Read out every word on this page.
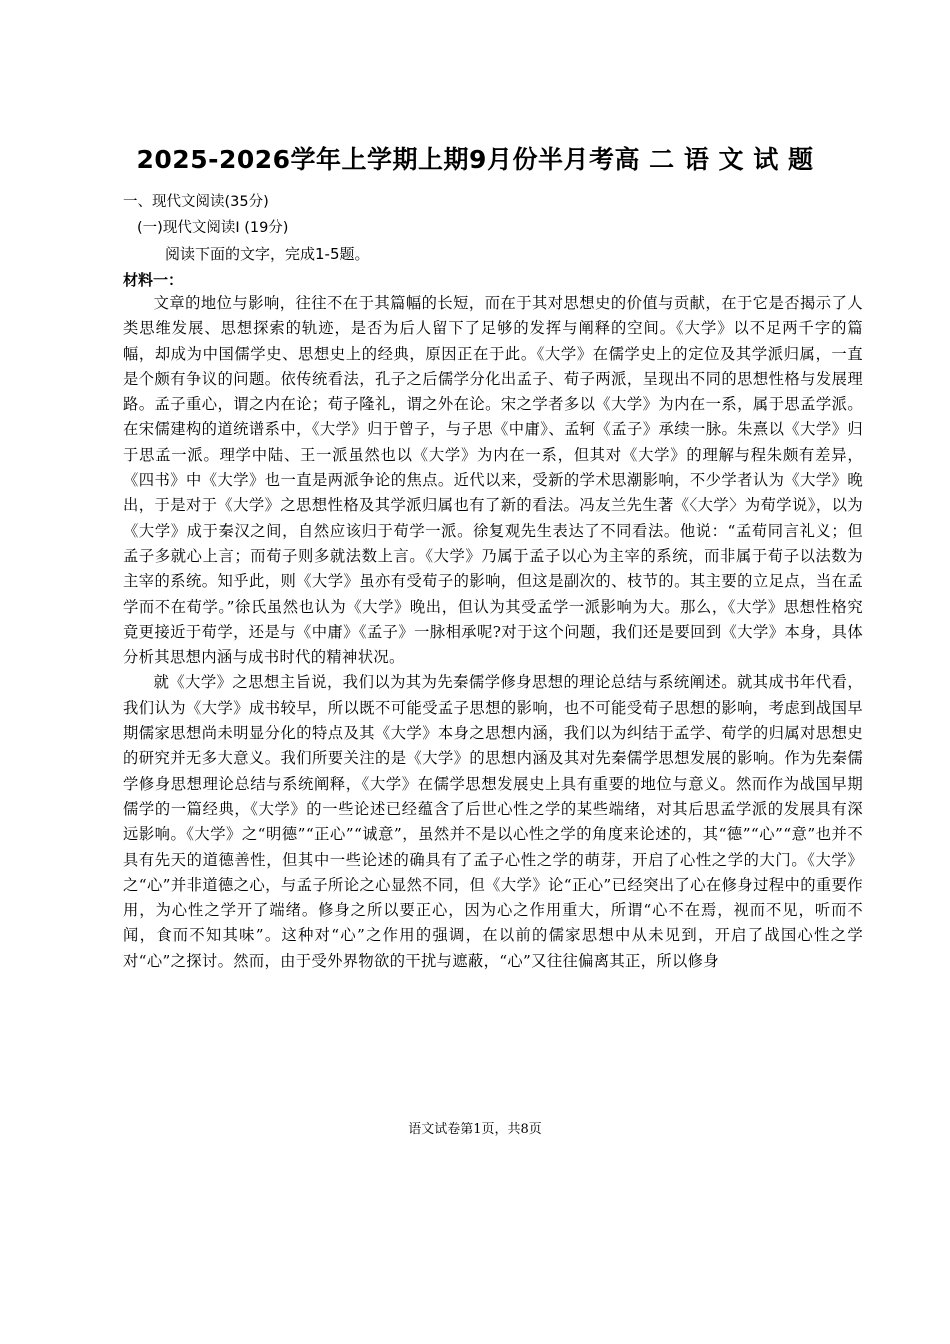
2025-2026学年上学期上期9月份半月考高 二 语 文 试 题
一、现代文阅读(35分)
(一)现代文阅读Ⅰ (19分)
阅读下面的文字，完成1-5题。
材料一：

文章的地位与影响，往往不在于其篇幅的长短，而在于其对思想史的价值与贡献，在于它是否揭示了人类思维发展、思想探索的轨迹，是否为后人留下了足够的发挥与阐释的空间。《大学》以不足两千字的篇幅，却成为中国儒学史、思想史上的经典，原因正在于此。《大学》在儒学史上的定位及其学派归属，一直是个颇有争议的问题。依传统看法，孔子之后儒学分化出孟子、荀子两派，呈现出不同的思想性格与发展理路。孟子重心，谓之内在论；荀子隆礼，谓之外在论。宋之学者多以《大学》为内在一系，属于思孟学派。在宋儒建构的道统谱系中，《大学》归于曾子，与子思《中庸》、孟轲《孟子》承续一脉。朱熹以《大学》归于思孟一派。理学中陆、王一派虽然也以《大学》为内在一系，但其对《大学》的理解与程朱颇有差异，《四书》中《大学》也一直是两派争论的焦点。近代以来，受新的学术思潮影响，不少学者认为《大学》晚出，于是对于《大学》之思想性格及其学派归属也有了新的看法。冯友兰先生著《〈大学〉为荀学说》，以为《大学》成于秦汉之间，自然应该归于荀学一派。徐复观先生表达了不同看法。他说：“孟荀同言礼义；但孟子多就心上言；而荀子则多就法数上言。《大学》乃属于孟子以心为主宰的系统，而非属于荀子以法数为主宰的系统。知乎此，则《大学》虽亦有受荀子的影响，但这是副次的、枝节的。其主要的立足点，当在孟学而不在荀学。”徐氏虽然也认为《大学》晚出，但认为其受孟学一派影响为大。那么，《大学》思想性格究竟更接近于荀学，还是与《中庸》《孟子》一脉相承呢?对于这个问题，我们还是要回到《大学》本身，具体分析其思想内涵与成书时代的精神状况。

就《大学》之思想主旨说，我们以为其为先秦儒学修身思想的理论总结与系统阐述。就其成书年代看，我们认为《大学》成书较早，所以既不可能受孟子思想的影响，也不可能受荀子思想的影响，考虑到战国早期儒家思想尚未明显分化的特点及其《大学》本身之思想内涵，我们以为纠结于孟学、荀学的归属对思想史的研究并无多大意义。我们所要关注的是《大学》的思想内涵及其对先秦儒学思想发展的影响。作为先秦儒学修身思想理论总结与系统阐释，《大学》在儒学思想发展史上具有重要的地位与意义。然而作为战国早期儒学的一篇经典，《大学》的一些论述已经蕴含了后世心性之学的某些端绪，对其后思孟学派的发展具有深远影响。《大学》之“明德”“正心”“诚意”，虽然并不是以心性之学的角度来论述的，其“德”“心”“意”也并不具有先天的道德善性，但其中一些论述的确具有了孟子心性之学的萌芽，开启了心性之学的大门。《大学》之“心”并非道德之心，与孟子所论之心显然不同，但《大学》论“正心”已经突出了心在修身过程中的重要作用，为心性之学开了端绪。修身之所以要正心，因为心之作用重大，所谓“心不在焉，视而不见，听而不闻，食而不知其味”。这种对“心”之作用的强调，在以前的儒家思想中从未见到，开启了战国心性之学对“心”之探讨。然而，由于受外界物欲的干扰与遮蔽，“心”又往往偏离其正，所以修身

语文试卷第1页，共8页
